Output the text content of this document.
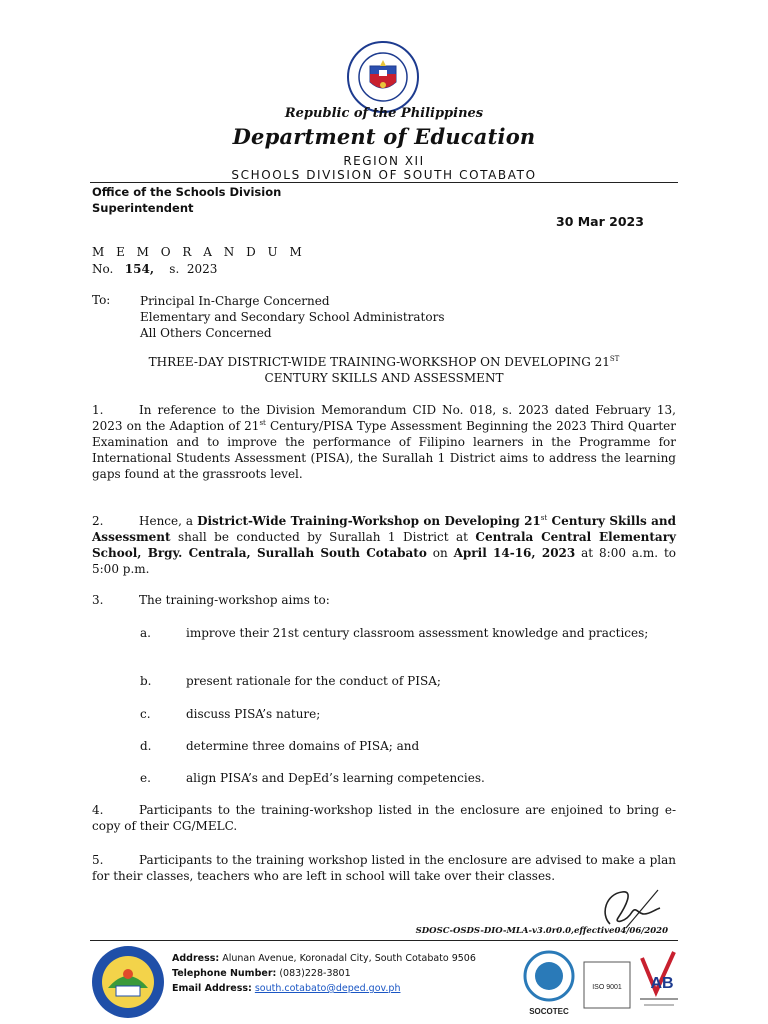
Republic of the Philippines
Department of Education
REGION XII
SCHOOLS DIVISION OF SOUTH COTABATO
Office of the Schools Division
Superintendent
30 Mar 2023
M E M O R A N D U M
No. 154, s. 2023
To: Principal In-Charge Concerned
Elementary and Secondary School Administrators
All Others Concerned
THREE-DAY DISTRICT-WIDE TRAINING-WORKSHOP ON DEVELOPING 21ST
CENTURY SKILLS AND ASSESSMENT
1.	In reference to the Division Memorandum CID No. 018, s. 2023 dated February 13, 2023 on the Adaption of 21st Century/PISA Type Assessment Beginning the 2023 Third Quarter Examination and to improve the performance of Filipino learners in the Programme for International Students Assessment (PISA), the Surallah 1 District aims to address the learning gaps found at the grassroots level.
2.	Hence, a District-Wide Training-Workshop on Developing 21st Century Skills and Assessment shall be conducted by Surallah 1 District at Centrala Central Elementary School, Brgy. Centrala, Surallah South Cotabato on April 14-16, 2023 at 8:00 a.m. to 5:00 p.m.
3.	The training-workshop aims to:
a.	improve their 21st century classroom assessment knowledge and practices;
b.	present rationale for the conduct of PISA;
c.	discuss PISA’s nature;
d.	determine three domains of PISA; and
e.	align PISA’s and DepEd’s learning competencies.
4.	Participants to the training-workshop listed in the enclosure are enjoined to bring e-copy of their CG/MELC.
5.	Participants to the training workshop listed in the enclosure are advised to make a plan for their classes, teachers who are left in school will take over their classes.
SDOSC-OSDS-DIO-MLA-v3.0r0.0,effective04/06/2020
Address: Alunan Avenue, Koronadal City, South Cotabato 9506
Telephone Number: (083)228-3801
Email Address: south.cotabato@deped.gov.ph
SOCOTEC
ISO 9001 AB
